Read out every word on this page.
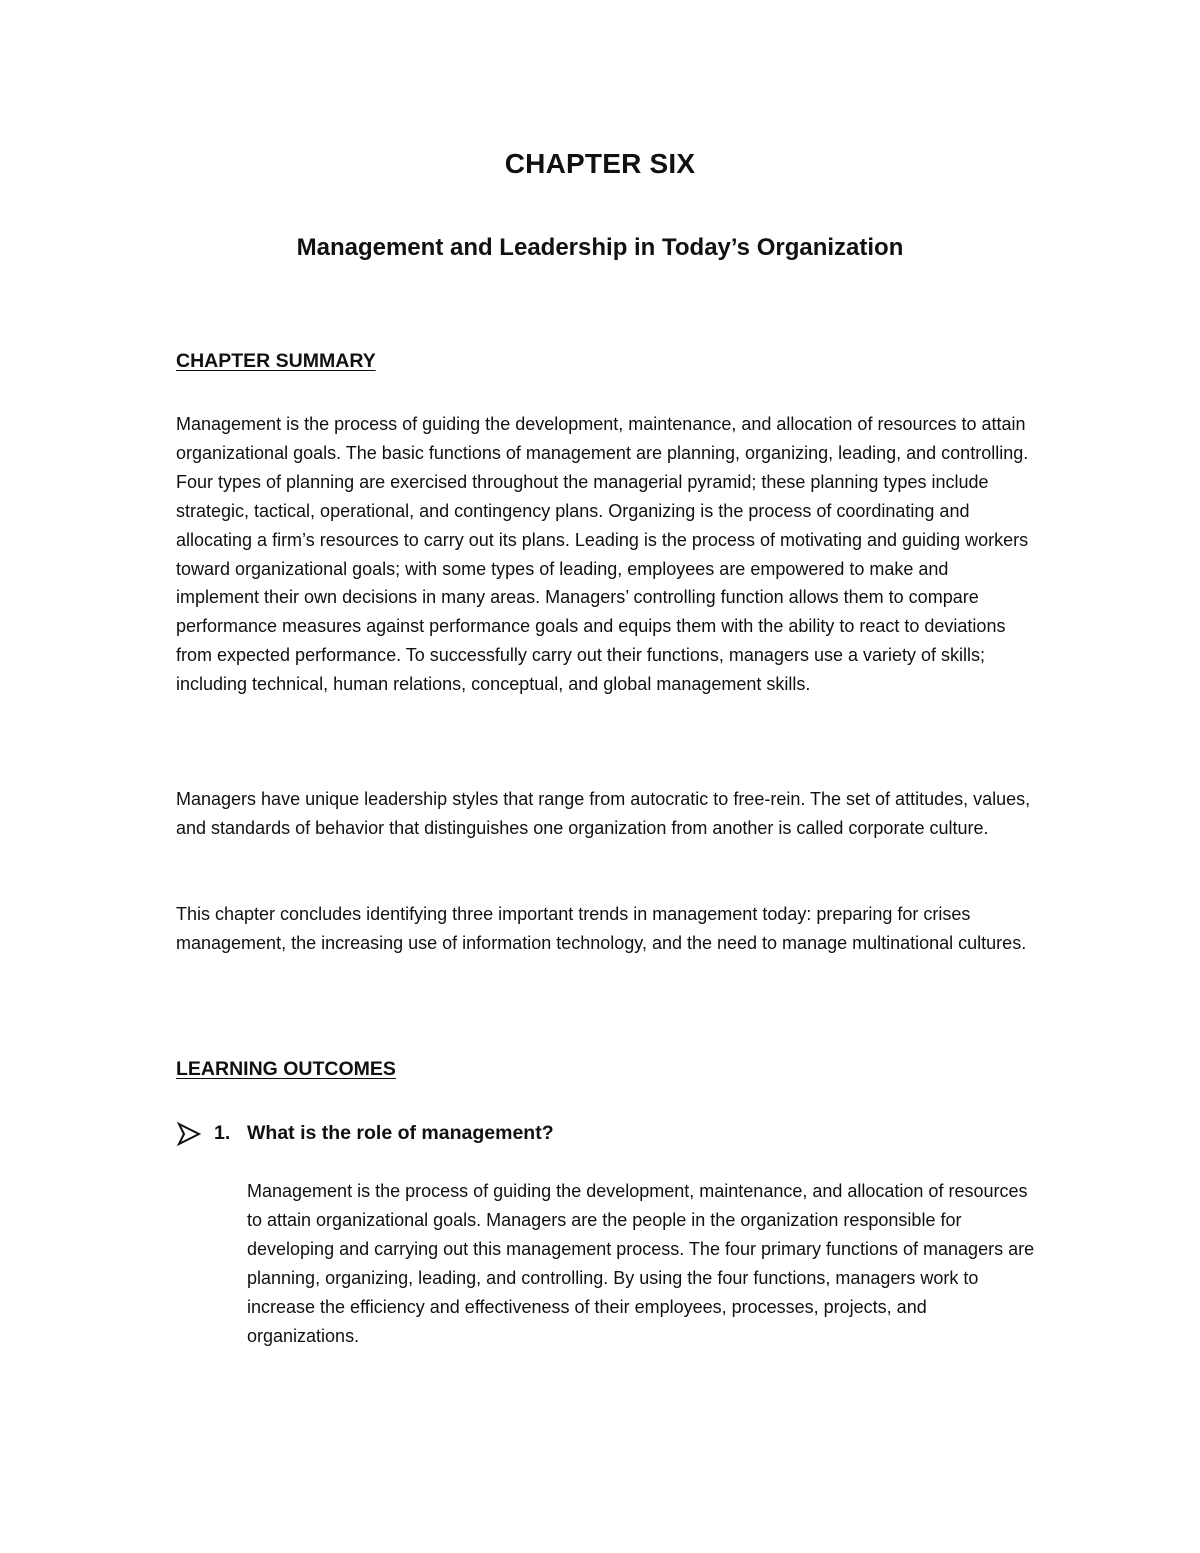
CHAPTER SIX
Management and Leadership in Today’s Organization
CHAPTER SUMMARY

Management is the process of guiding the development, maintenance, and allocation of resources to attain organizational goals. The basic functions of management are planning, organizing, leading, and controlling. Four types of planning are exercised throughout the managerial pyramid; these planning types include strategic, tactical, operational, and contingency plans. Organizing is the process of coordinating and allocating a firm’s resources to carry out its plans. Leading is the process of motivating and guiding workers toward organizational goals; with some types of leading, employees are empowered to make and implement their own decisions in many areas. Managers’ controlling function allows them to compare performance measures against performance goals and equips them with the ability to react to deviations from expected performance. To successfully carry out their functions, managers use a variety of skills; including technical, human relations, conceptual, and global management skills.

Managers have unique leadership styles that range from autocratic to free-rein. The set of attitudes, values, and standards of behavior that distinguishes one organization from another is called corporate culture.

This chapter concludes identifying three important trends in management today: preparing for crises management, the increasing use of information technology, and the need to manage multinational cultures.

LEARNING OUTCOMES
1. What is the role of management?

Management is the process of guiding the development, maintenance, and allocation of resources to attain organizational goals. Managers are the people in the organization responsible for developing and carrying out this management process. The four primary functions of managers are planning, organizing, leading, and controlling. By using the four functions, managers work to increase the efficiency and effectiveness of their employees, processes, projects, and organizations.
